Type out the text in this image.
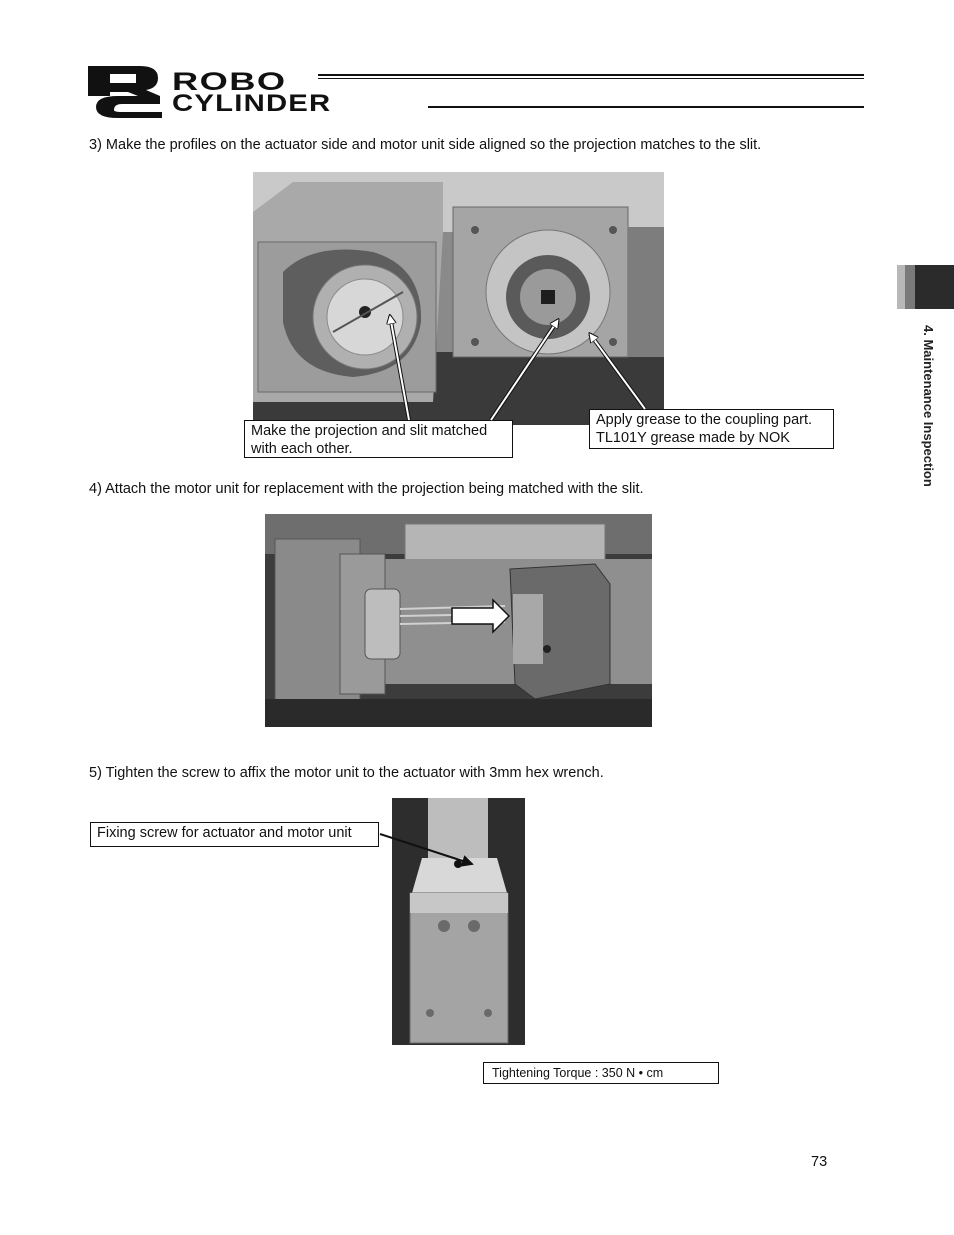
ROBO
CYLINDER
4. Maintenance Inspection
3) Make the profiles on the actuator side and motor unit side aligned so the projection matches to the slit.
Make the projection and slit matched
with each other.
Apply grease to the coupling part.
TL101Y grease made by NOK
4) Attach the motor unit for replacement with the projection being matched with the slit.
5) Tighten the screw to affix the motor unit to the actuator with 3mm hex wrench.
Fixing screw for actuator and motor unit
Tightening Torque : 350 N • cm
73
